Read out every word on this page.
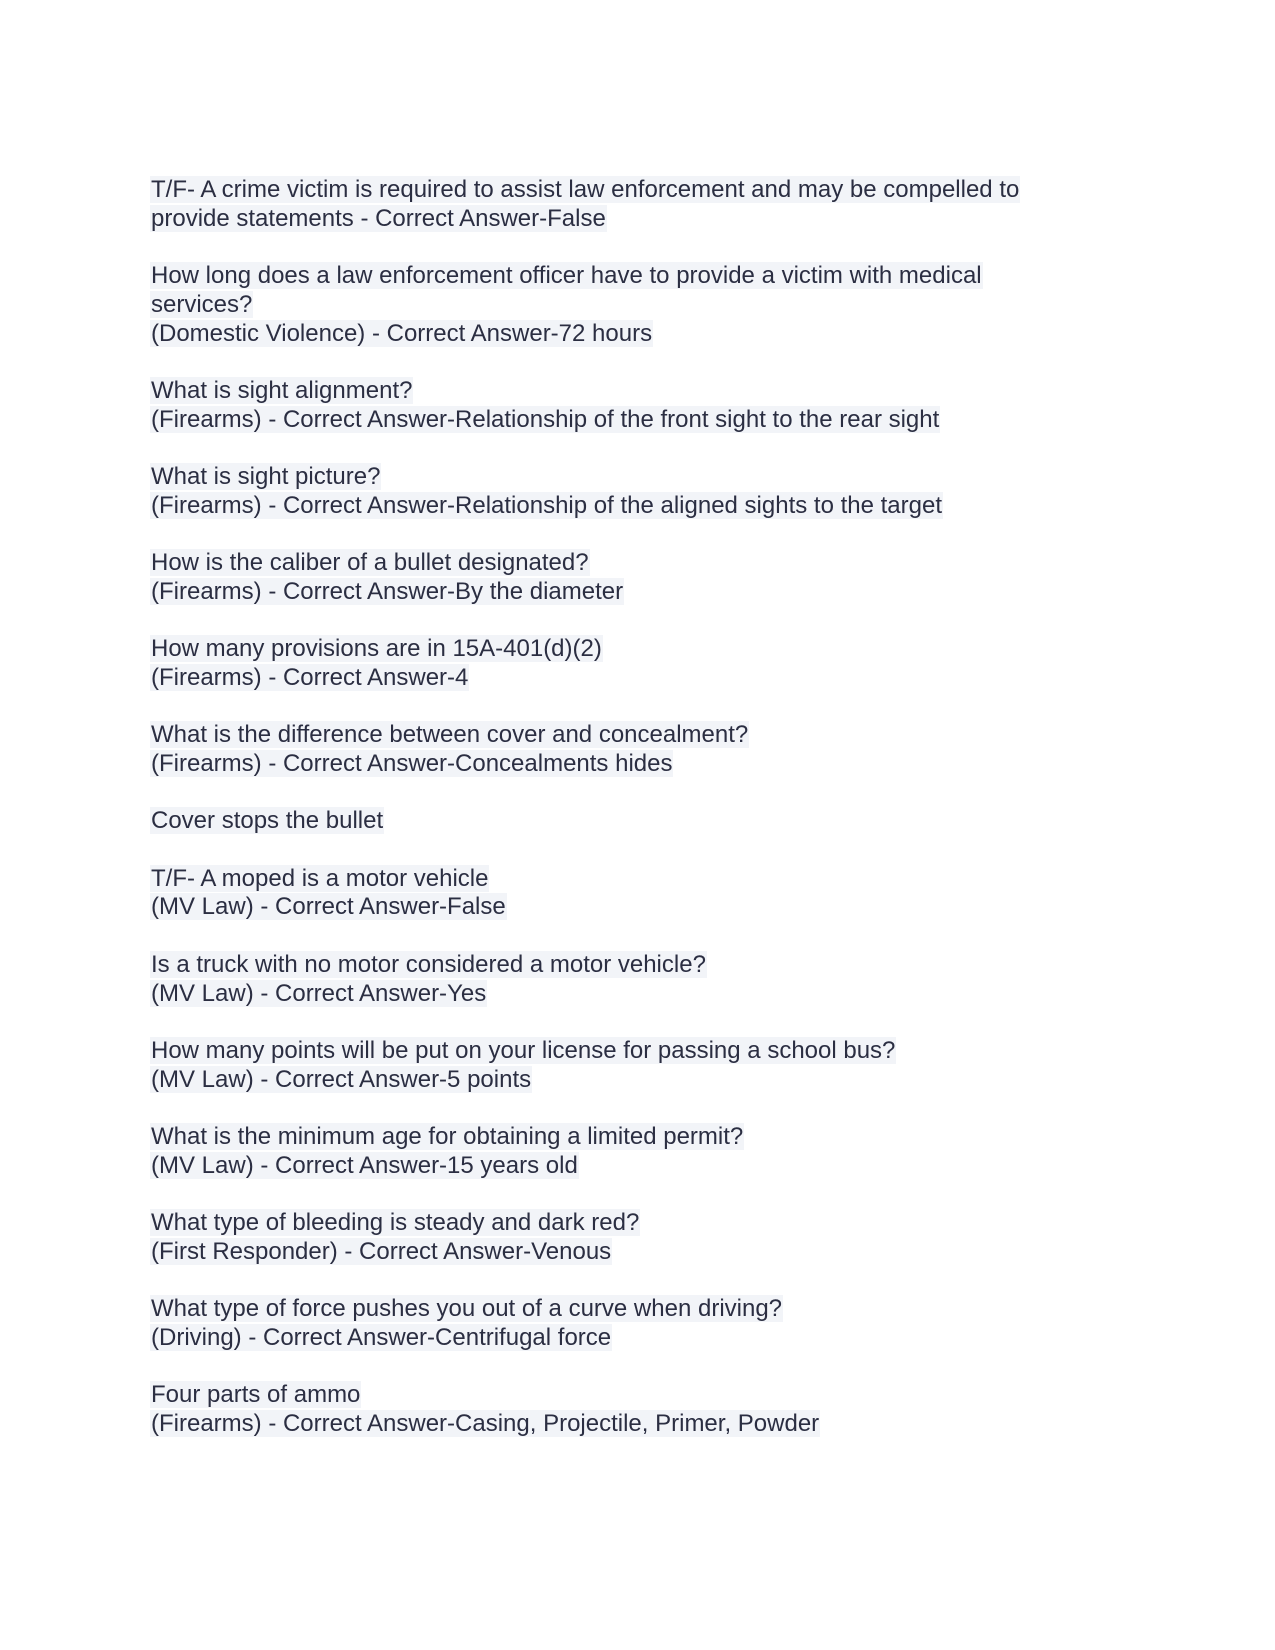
T/F- A crime victim is required to assist law enforcement and may be compelled to
provide statements - Correct Answer-False
How long does a law enforcement officer have to provide a victim with medical
services?
(Domestic Violence) - Correct Answer-72 hours
What is sight alignment?
(Firearms) - Correct Answer-Relationship of the front sight to the rear sight
What is sight picture?
(Firearms) - Correct Answer-Relationship of the aligned sights to the target
How is the caliber of a bullet designated?
(Firearms) - Correct Answer-By the diameter
How many provisions are in 15A-401(d)(2)
(Firearms) - Correct Answer-4
What is the difference between cover and concealment?
(Firearms) - Correct Answer-Concealments hides
Cover stops the bullet
T/F- A moped is a motor vehicle
(MV Law) - Correct Answer-False
Is a truck with no motor considered a motor vehicle?
(MV Law) - Correct Answer-Yes
How many points will be put on your license for passing a school bus?
(MV Law) - Correct Answer-5 points
What is the minimum age for obtaining a limited permit?
(MV Law) - Correct Answer-15 years old
What type of bleeding is steady and dark red?
(First Responder) - Correct Answer-Venous
What type of force pushes you out of a curve when driving?
(Driving) - Correct Answer-Centrifugal force
Four parts of ammo
(Firearms) - Correct Answer-Casing, Projectile, Primer, Powder
